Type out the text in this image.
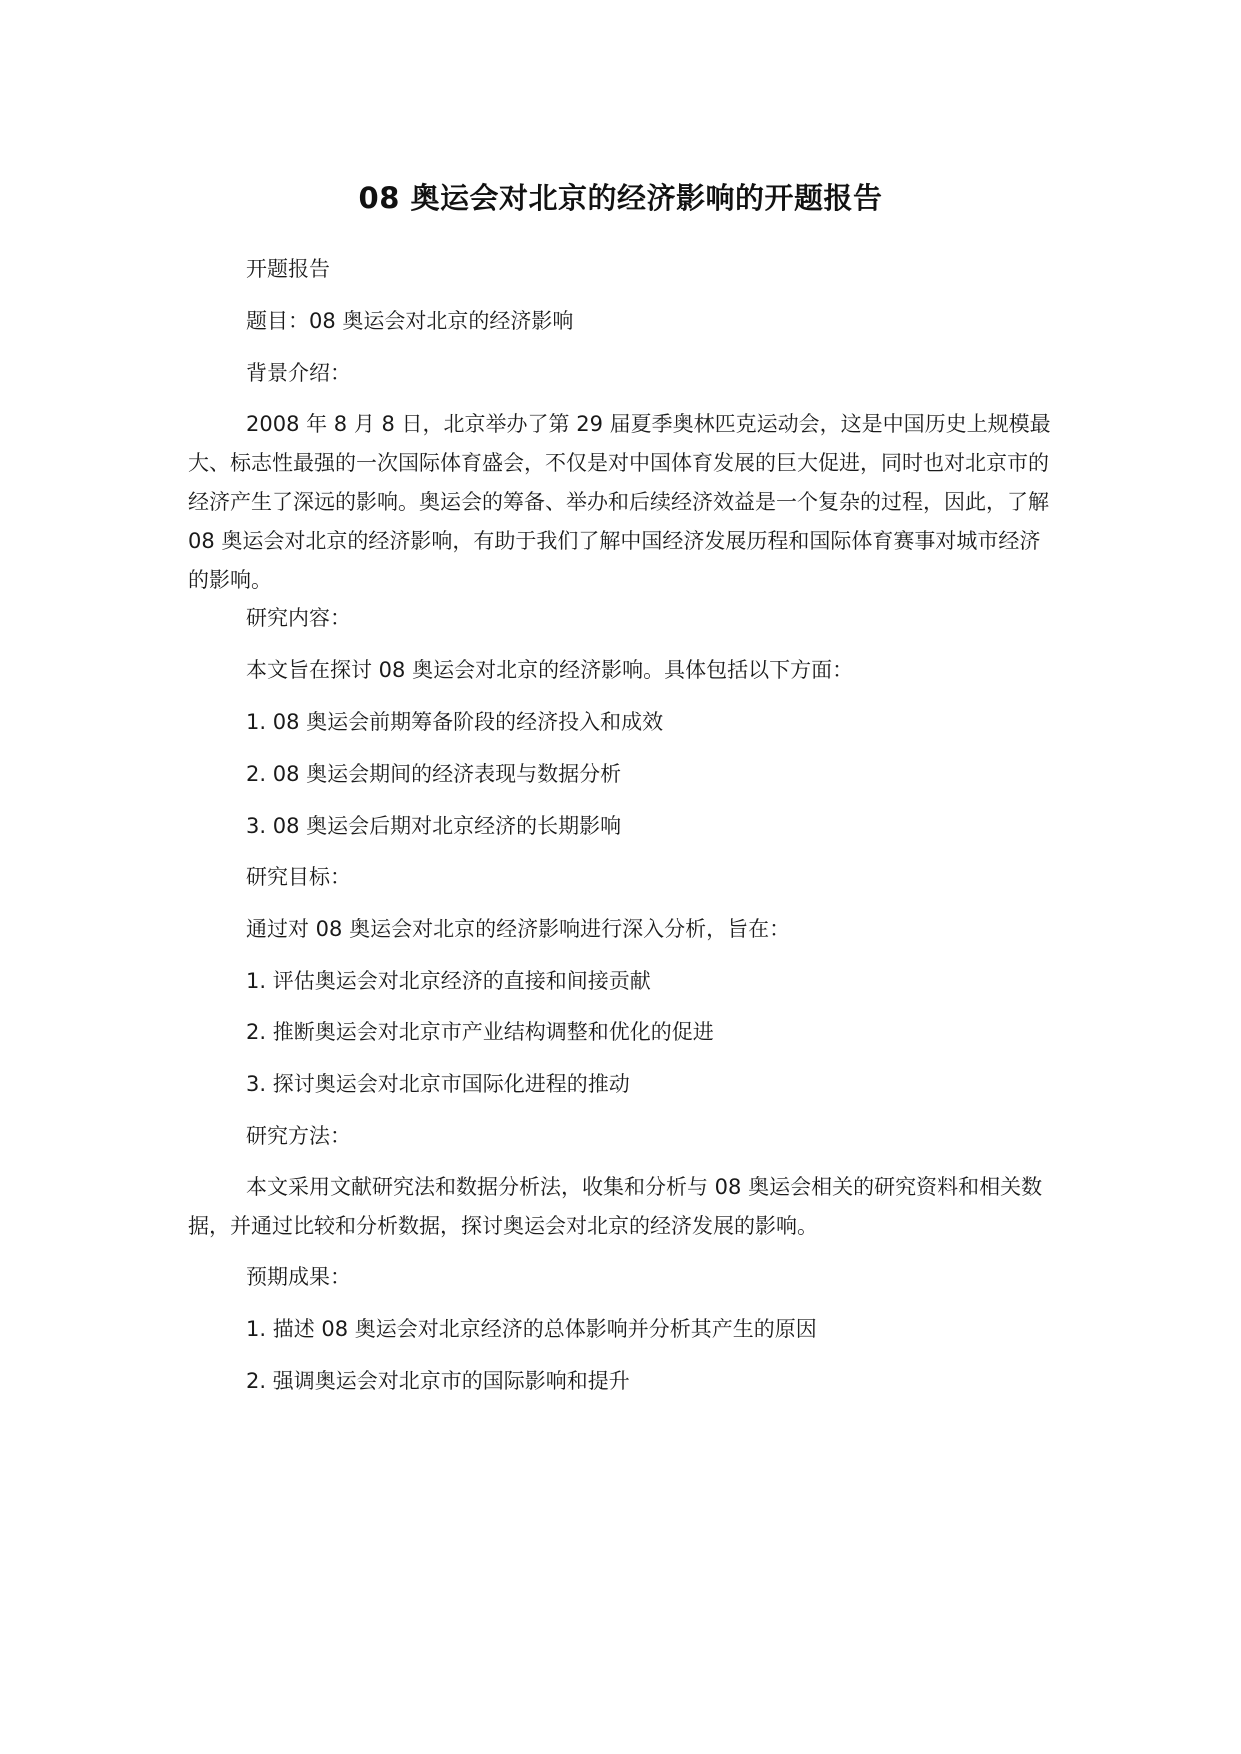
08 奥运会对北京的经济影响的开题报告

开题报告

题目：08 奥运会对北京的经济影响

背景介绍：

2008 年 8 月 8 日，北京举办了第 29 届夏季奥林匹克运动会，这是中国历史上规模最大、标志性最强的一次国际体育盛会，不仅是对中国体育发展的巨大促进，同时也对北京市的经济产生了深远的影响。奥运会的筹备、举办和后续经济效益是一个复杂的过程，因此，了解 08 奥运会对北京的经济影响，有助于我们了解中国经济发展历程和国际体育赛事对城市经济的影响。

研究内容：

本文旨在探讨 08 奥运会对北京的经济影响。具体包括以下方面：

1. 08 奥运会前期筹备阶段的经济投入和成效

2. 08 奥运会期间的经济表现与数据分析

3. 08 奥运会后期对北京经济的长期影响

研究目标：

通过对 08 奥运会对北京的经济影响进行深入分析，旨在：

1. 评估奥运会对北京经济的直接和间接贡献

2. 推断奥运会对北京市产业结构调整和优化的促进

3. 探讨奥运会对北京市国际化进程的推动

研究方法：

本文采用文献研究法和数据分析法，收集和分析与 08 奥运会相关的研究资料和相关数据，并通过比较和分析数据，探讨奥运会对北京的经济发展的影响。

预期成果：

1. 描述 08 奥运会对北京经济的总体影响并分析其产生的原因

2. 强调奥运会对北京市的国际影响和提升
